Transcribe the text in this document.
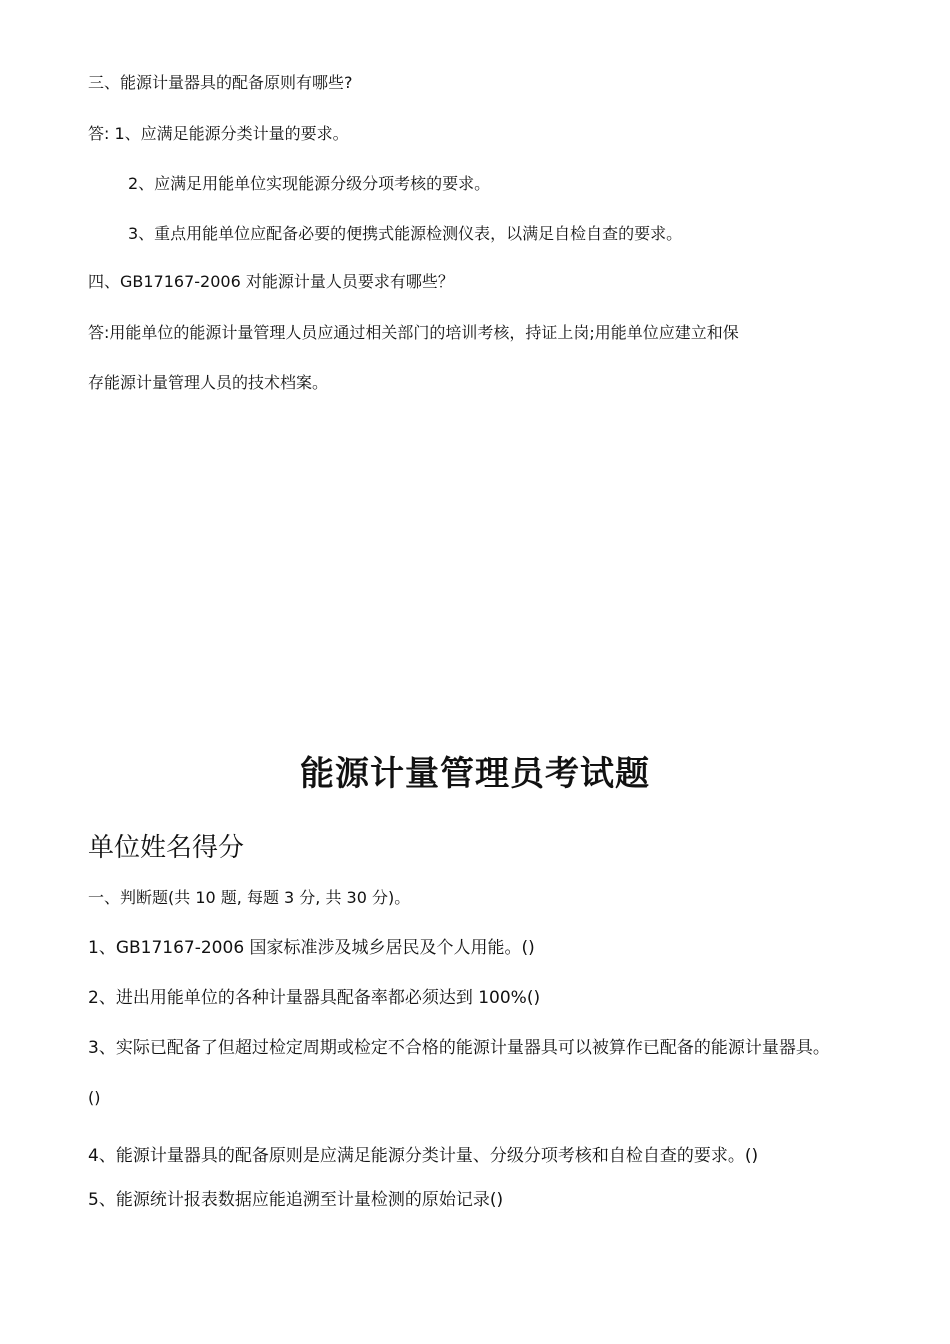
三、能源计量器具的配备原则有哪些?
答: 1、应满足能源分类计量的要求。
2、应满足用能单位实现能源分级分项考核的要求。
3、重点用能单位应配备必要的便携式能源检测仪表，以满足自检自查的要求。
四、GB17167-2006 对能源计量人员要求有哪些？
答:用能单位的能源计量管理人员应通过相关部门的培训考核，持证上岗;用能单位应建立和保
存能源计量管理人员的技术档案。
能源计量管理员考试题
单位姓名得分
一、判断题(共 10 题, 每题 3 分, 共 30 分)。
1、GB17167-2006 国家标准涉及城乡居民及个人用能。()
2、进出用能单位的各种计量器具配备率都必须达到 100%()
3、实际已配备了但超过检定周期或检定不合格的能源计量器具可以被算作已配备的能源计量器具。
()
4、能源计量器具的配备原则是应满足能源分类计量、分级分项考核和自检自查的要求。()
5、能源统计报表数据应能追溯至计量检测的原始记录()
